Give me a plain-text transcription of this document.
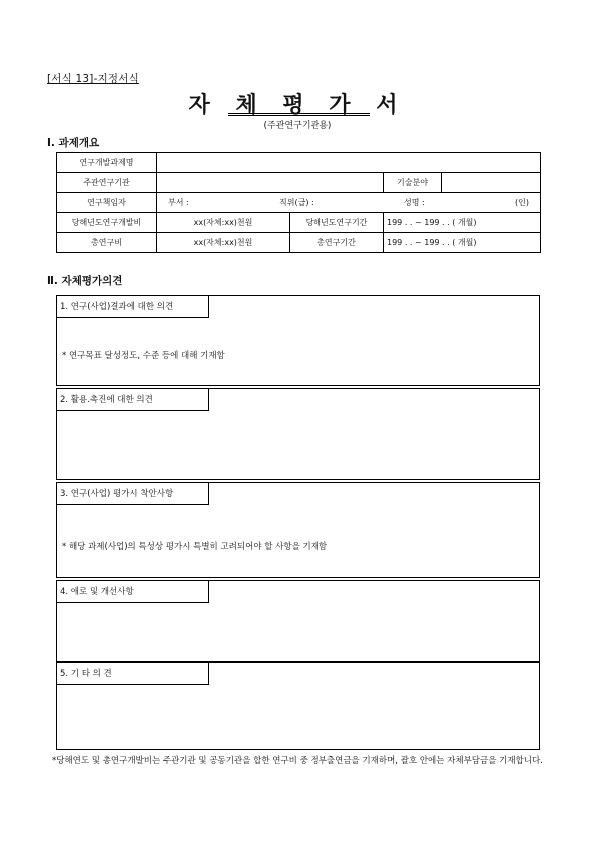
[서식 13]-지정서식
자 체 평 가 서
(주관연구기관용)
Ⅰ. 과제개요
연구개발과제명				
주관연구기관			기술분야	
연구책임자	부서 : 직위(급) : 성명 : (인)			

당해년도연구개발비	xx(자체:xx)천원	당해년도연구기간	199 . . ~ 199 . . ( 개월)	
총연구비	xx(자체:xx)천원	총연구기간	199 . . ~ 199 . . ( 개월)	
Ⅱ. 자체평가의견
1. 연구(사업)결과에 대한 의견
* 연구목표 달성정도, 수준 등에 대해 기재함
2. 활용.촉진에 대한 의견
3. 연구(사업) 평가시 착안사항
* 해당 과제(사업)의 특성상 평가시 특별히 고려되어야 할 사항을 기재함
4. 애로 및 개선사항
5. 기 타 의 견
*당해연도 및 총연구개발비는 주관기관 및 공동기관을 합한 연구비 중 정부출연금을 기재하며, 괄호 안에는 자체부담금을 기재합니다.
